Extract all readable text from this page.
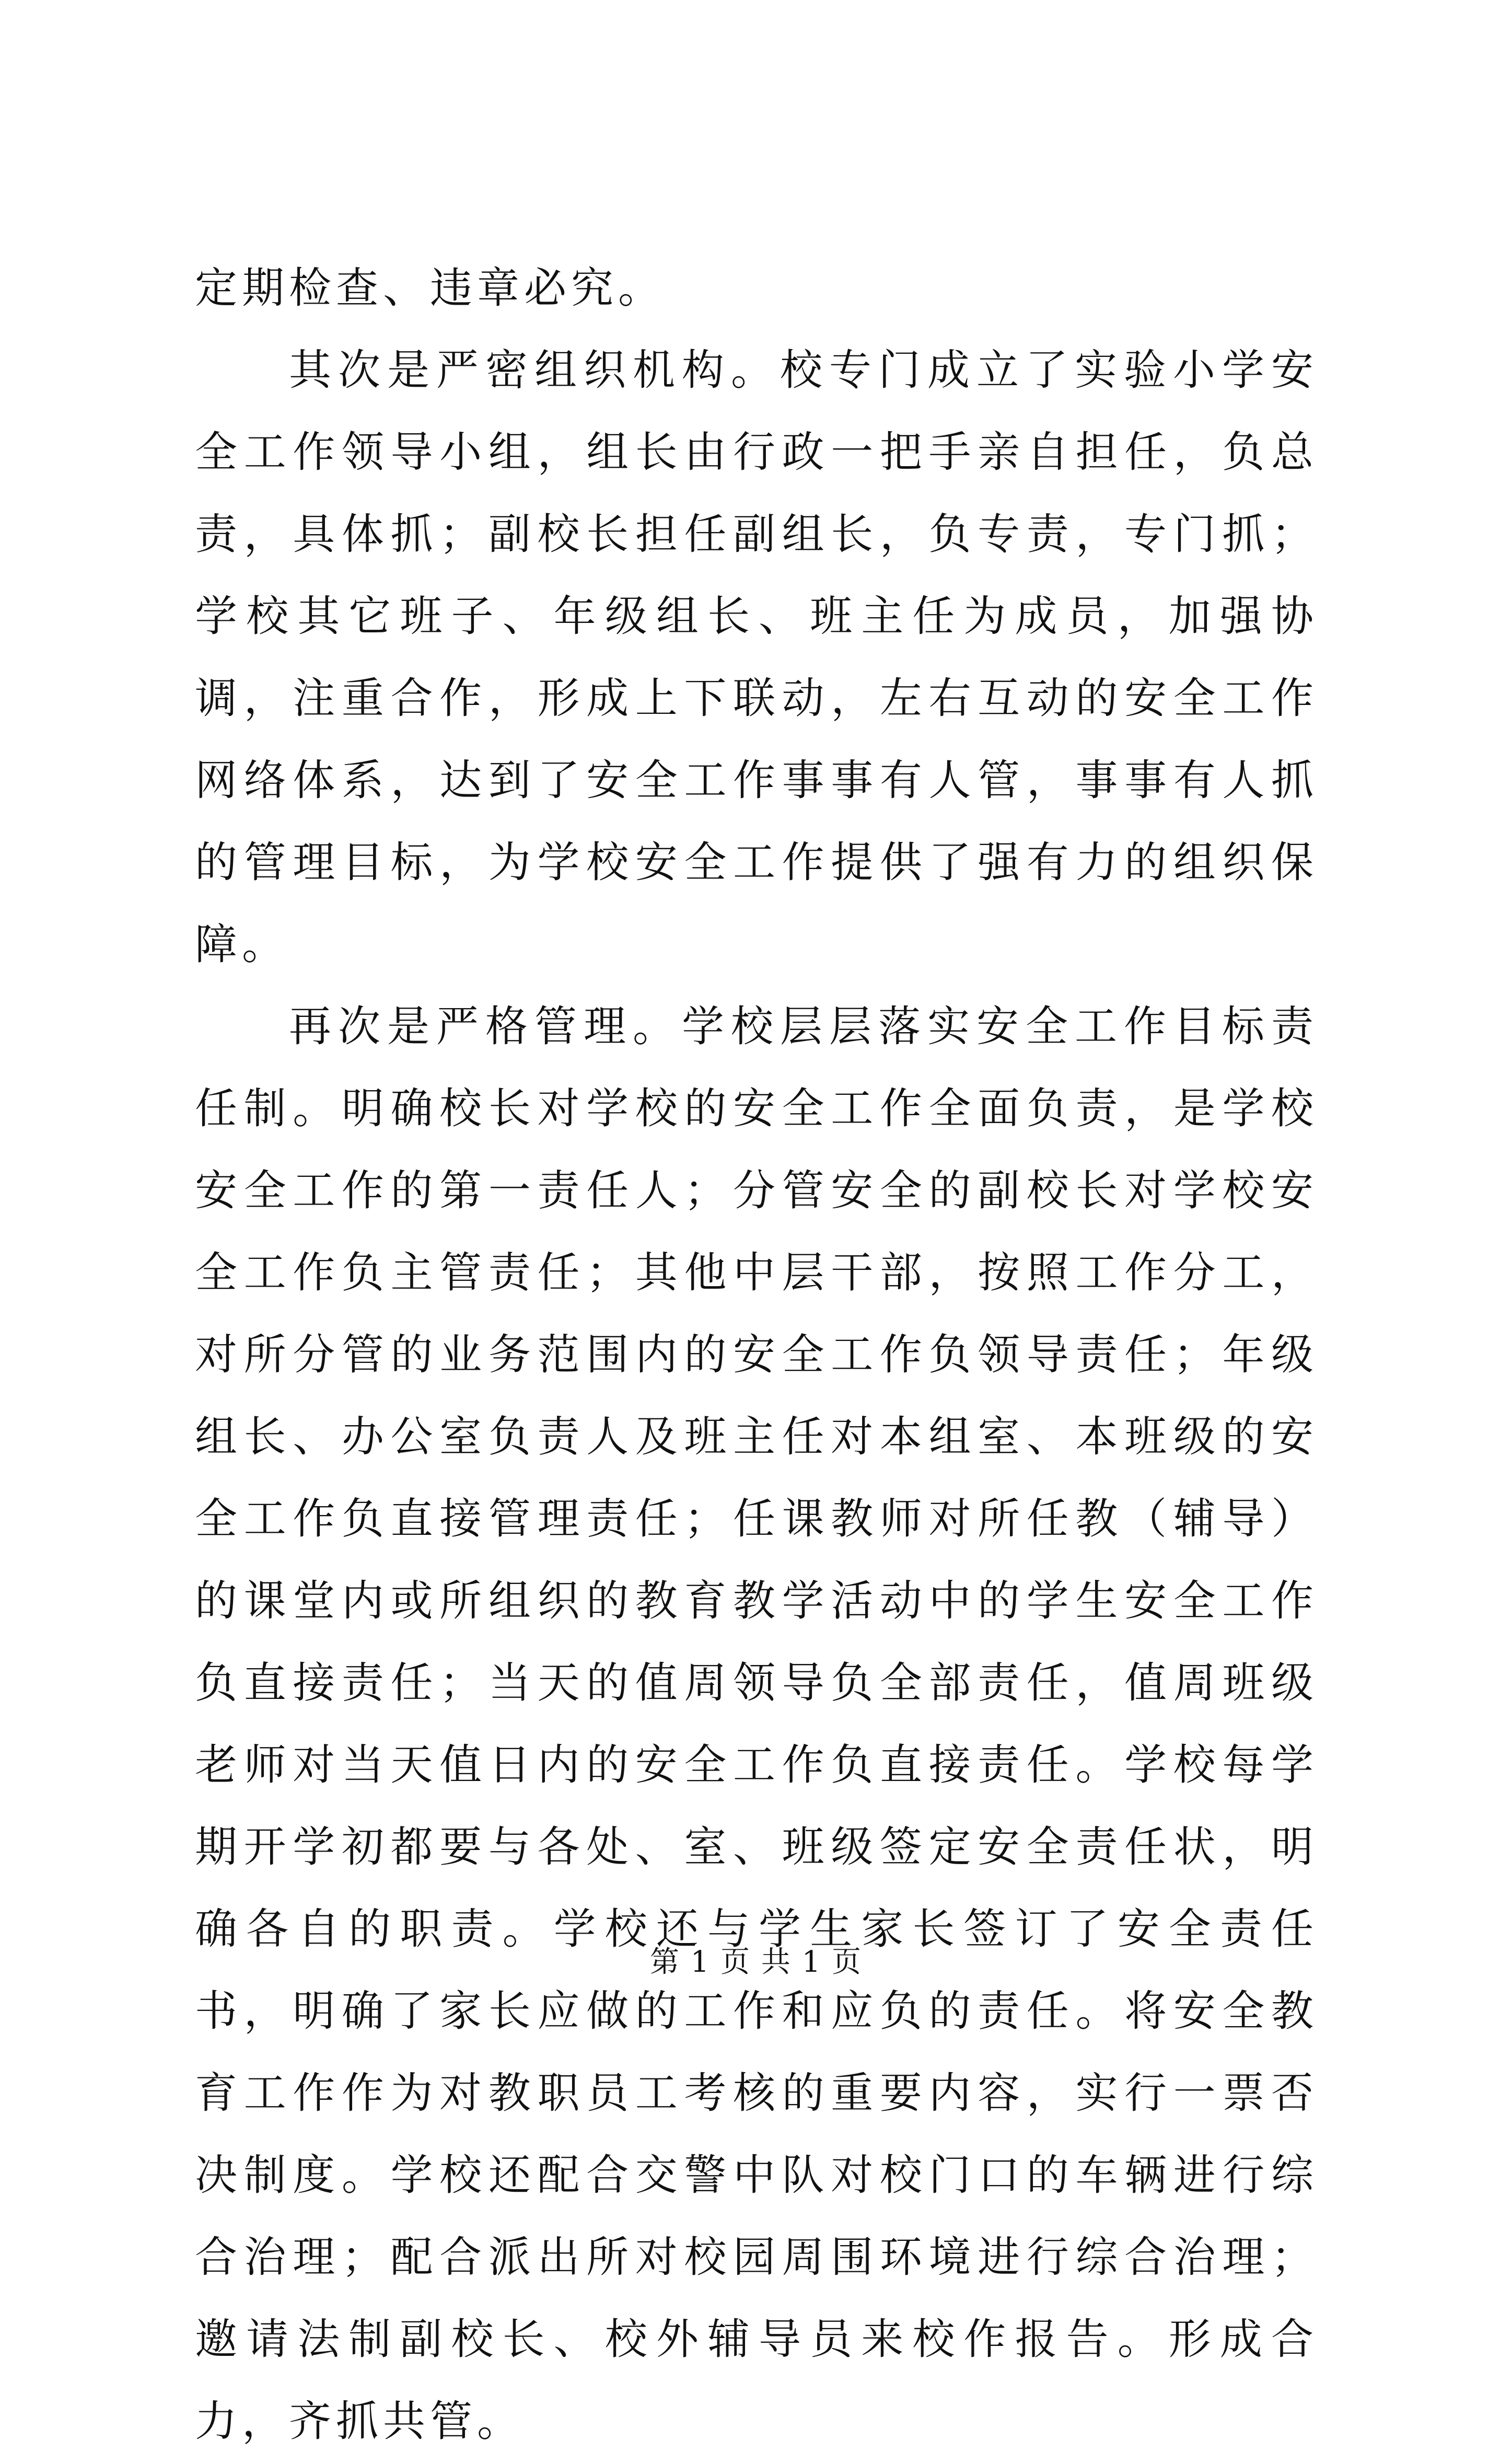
定期检查、违章必究。

其次是严密组织机构。校专门成立了实验小学安全工作领导小组，组长由行政一把手亲自担任，负总责，具体抓；副校长担任副组长，负专责，专门抓；学校其它班子、年级组长、班主任为成员，加强协调，注重合作，形成上下联动，左右互动的安全工作网络体系，达到了安全工作事事有人管，事事有人抓的管理目标，为学校安全工作提供了强有力的组织保障。

再次是严格管理。学校层层落实安全工作目标责任制。明确校长对学校的安全工作全面负责，是学校安全工作的第一责任人；分管安全的副校长对学校安全工作负主管责任；其他中层干部，按照工作分工，对所分管的业务范围内的安全工作负领导责任；年级组长、办公室负责人及班主任对本组室、本班级的安全工作负直接管理责任；任课教师对所任教（辅导）的课堂内或所组织的教育教学活动中的学生安全工作负直接责任；当天的值周领导负全部责任，值周班级老师对当天值日内的安全工作负直接责任。学校每学期开学初都要与各处、室、班级签定安全责任状，明确各自的职责。学校还与学生家长签订了安全责任书，明确了家长应做的工作和应负的责任。将安全教育工作作为对教职员工考核的重要内容，实行一票否决制度。学校还配合交警中队对校门口的车辆进行综合治理；配合派出所对校园周围环境进行综合治理；邀请法制副校长、校外辅导员来校作报告。形成合力，齐抓共管。

第 1 页 共 1 页
